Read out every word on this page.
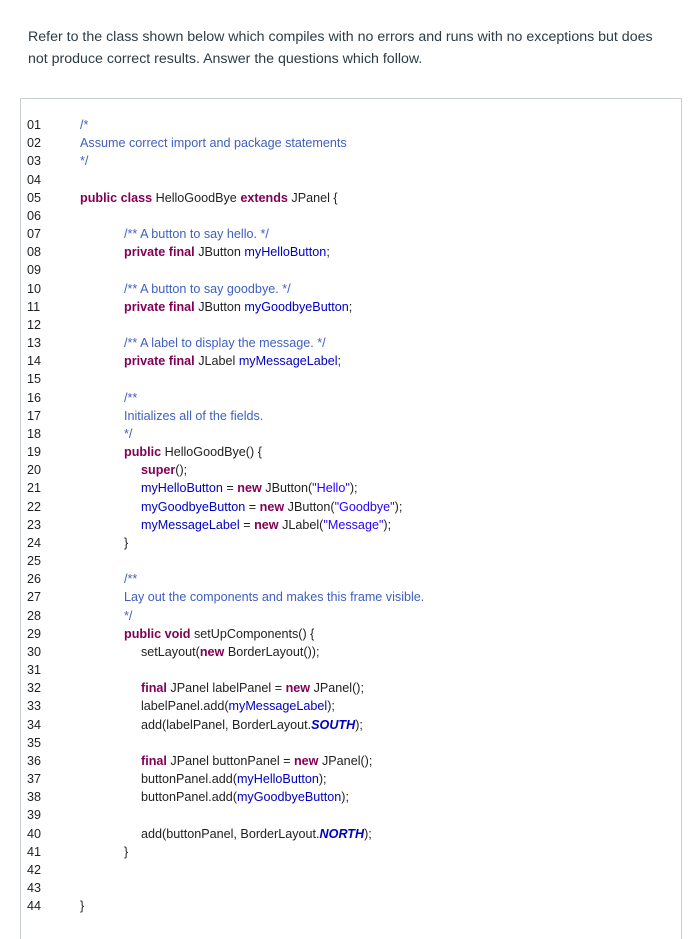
Refer to the class shown below which compiles with no errors and runs with no exceptions but does not produce correct results. Answer the questions which follow.
01	/*
02	Assume correct import and package statements
03	*/
04
05	public class HelloGoodBye extends JPanel {
06
07	/** A button to say hello. */
08	private final JButton myHelloButton;
09
10	/** A button to say goodbye. */
11	private final JButton myGoodbyeButton;
12
13	/** A label to display the message. */
14	private final JLabel myMessageLabel;
15
16	/**
17	Initializes all of the fields.
18	*/
19	public HelloGoodBye() {
20	super();
21	myHelloButton = new JButton("Hello");
22	myGoodbyeButton = new JButton("Goodbye");
23	myMessageLabel = new JLabel("Message");
24	}
25
26	/**
27	Lay out the components and makes this frame visible.
28	*/
29	public void setUpComponents() {
30	setLayout(new BorderLayout());
31
32	final JPanel labelPanel = new JPanel();
33	labelPanel.add(myMessageLabel);
34	add(labelPanel, BorderLayout.SOUTH);
35
36	final JPanel buttonPanel = new JPanel();
37	buttonPanel.add(myHelloButton);
38	buttonPanel.add(myGoodbyeButton);
39
40	add(buttonPanel, BorderLayout.NORTH);
41	}
42
43
44	}
